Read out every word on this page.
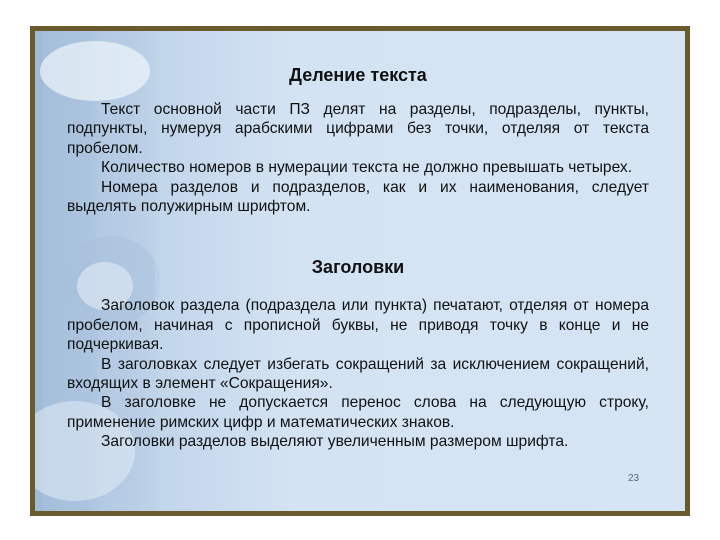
Деление текста

Текст основной части ПЗ делят на разделы, подразделы, пункты, подпункты, нумеруя арабскими цифрами без точки, отделяя от текста пробелом.

Количество номеров в нумерации текста не должно превышать четырех.

Номера разделов и подразделов, как и их наименования, следует выделять полужирным шрифтом.

Заголовки

Заголовок раздела (подраздела или пункта) печатают, отделяя от номера пробелом, начиная с прописной буквы, не приводя точку в конце и не подчеркивая.

В заголовках следует избегать сокращений за исключением сокращений, входящих в элемент «Сокращения».

В заголовке не допускается перенос слова на следующую строку, применение римских цифр и математических знаков.

Заголовки разделов выделяют увеличенным размером шрифта.

23
